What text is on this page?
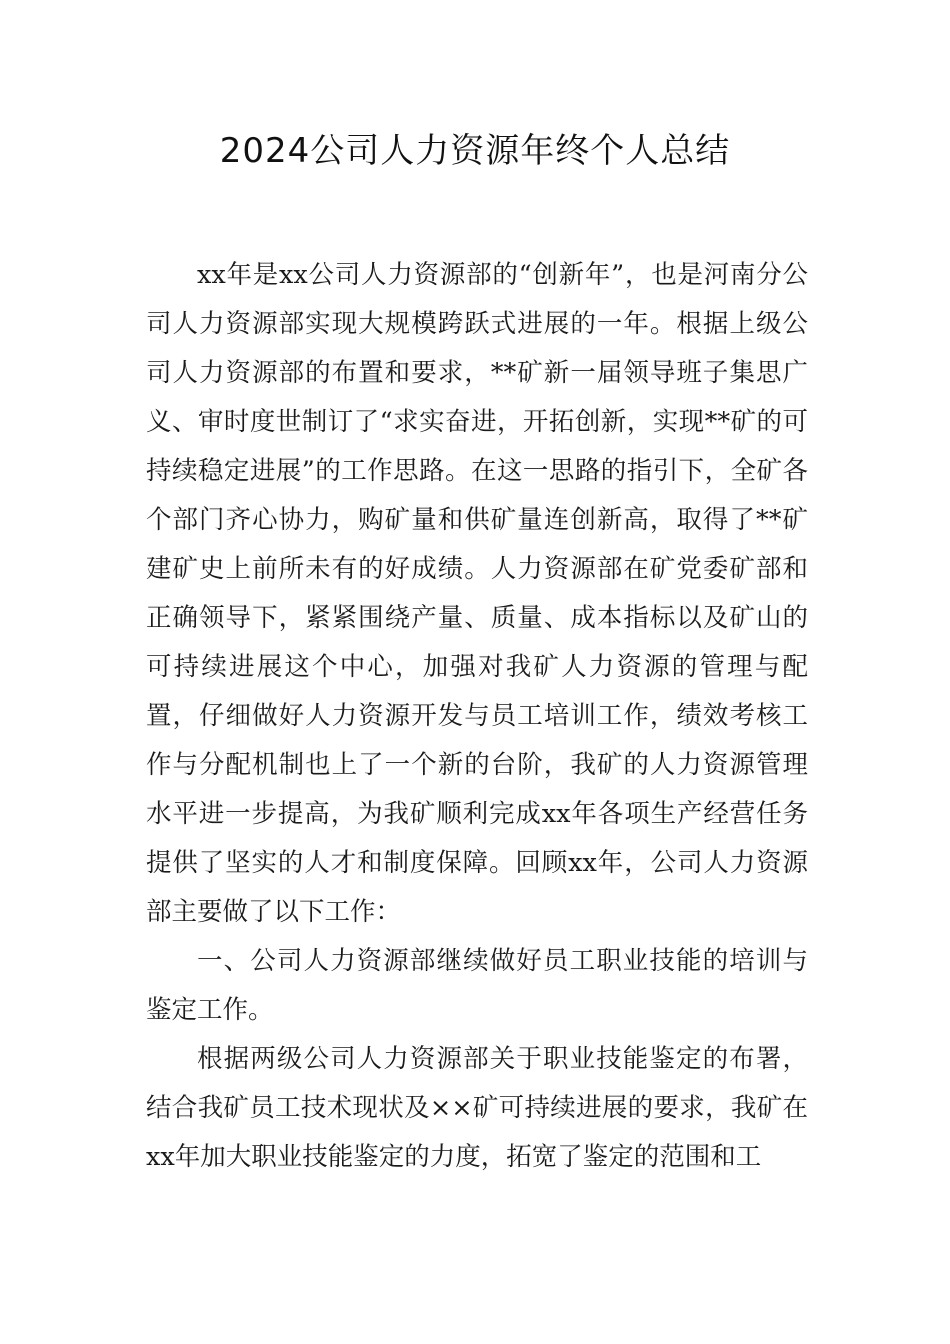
2024公司人力资源年终个人总结

xx年是xx公司人力资源部的“创新年”，也是河南分公司人力资源部实现大规模跨跃式进展的一年。根据上级公司人力资源部的布置和要求，**矿新一届领导班子集思广义、审时度世制订了“求实奋进，开拓创新，实现**矿的可持续稳定进展”的工作思路。在这一思路的指引下，全矿各个部门齐心协力，购矿量和供矿量连创新高，取得了**矿建矿史上前所未有的好成绩。人力资源部在矿党委矿部和正确领导下，紧紧围绕产量、质量、成本指标以及矿山的可持续进展这个中心，加强对我矿人力资源的管理与配置，仔细做好人力资源开发与员工培训工作，绩效考核工作与分配机制也上了一个新的台阶，我矿的人力资源管理水平进一步提高，为我矿顺利完成xx年各项生产经营任务提供了坚实的人才和制度保障。回顾xx年，公司人力资源部主要做了以下工作：

一、公司人力资源部继续做好员工职业技能的培训与鉴定工作。

根据两级公司人力资源部关于职业技能鉴定的布署，结合我矿员工技术现状及××矿可持续进展的要求，我矿在xx年加大职业技能鉴定的力度，拓宽了鉴定的范围和工
